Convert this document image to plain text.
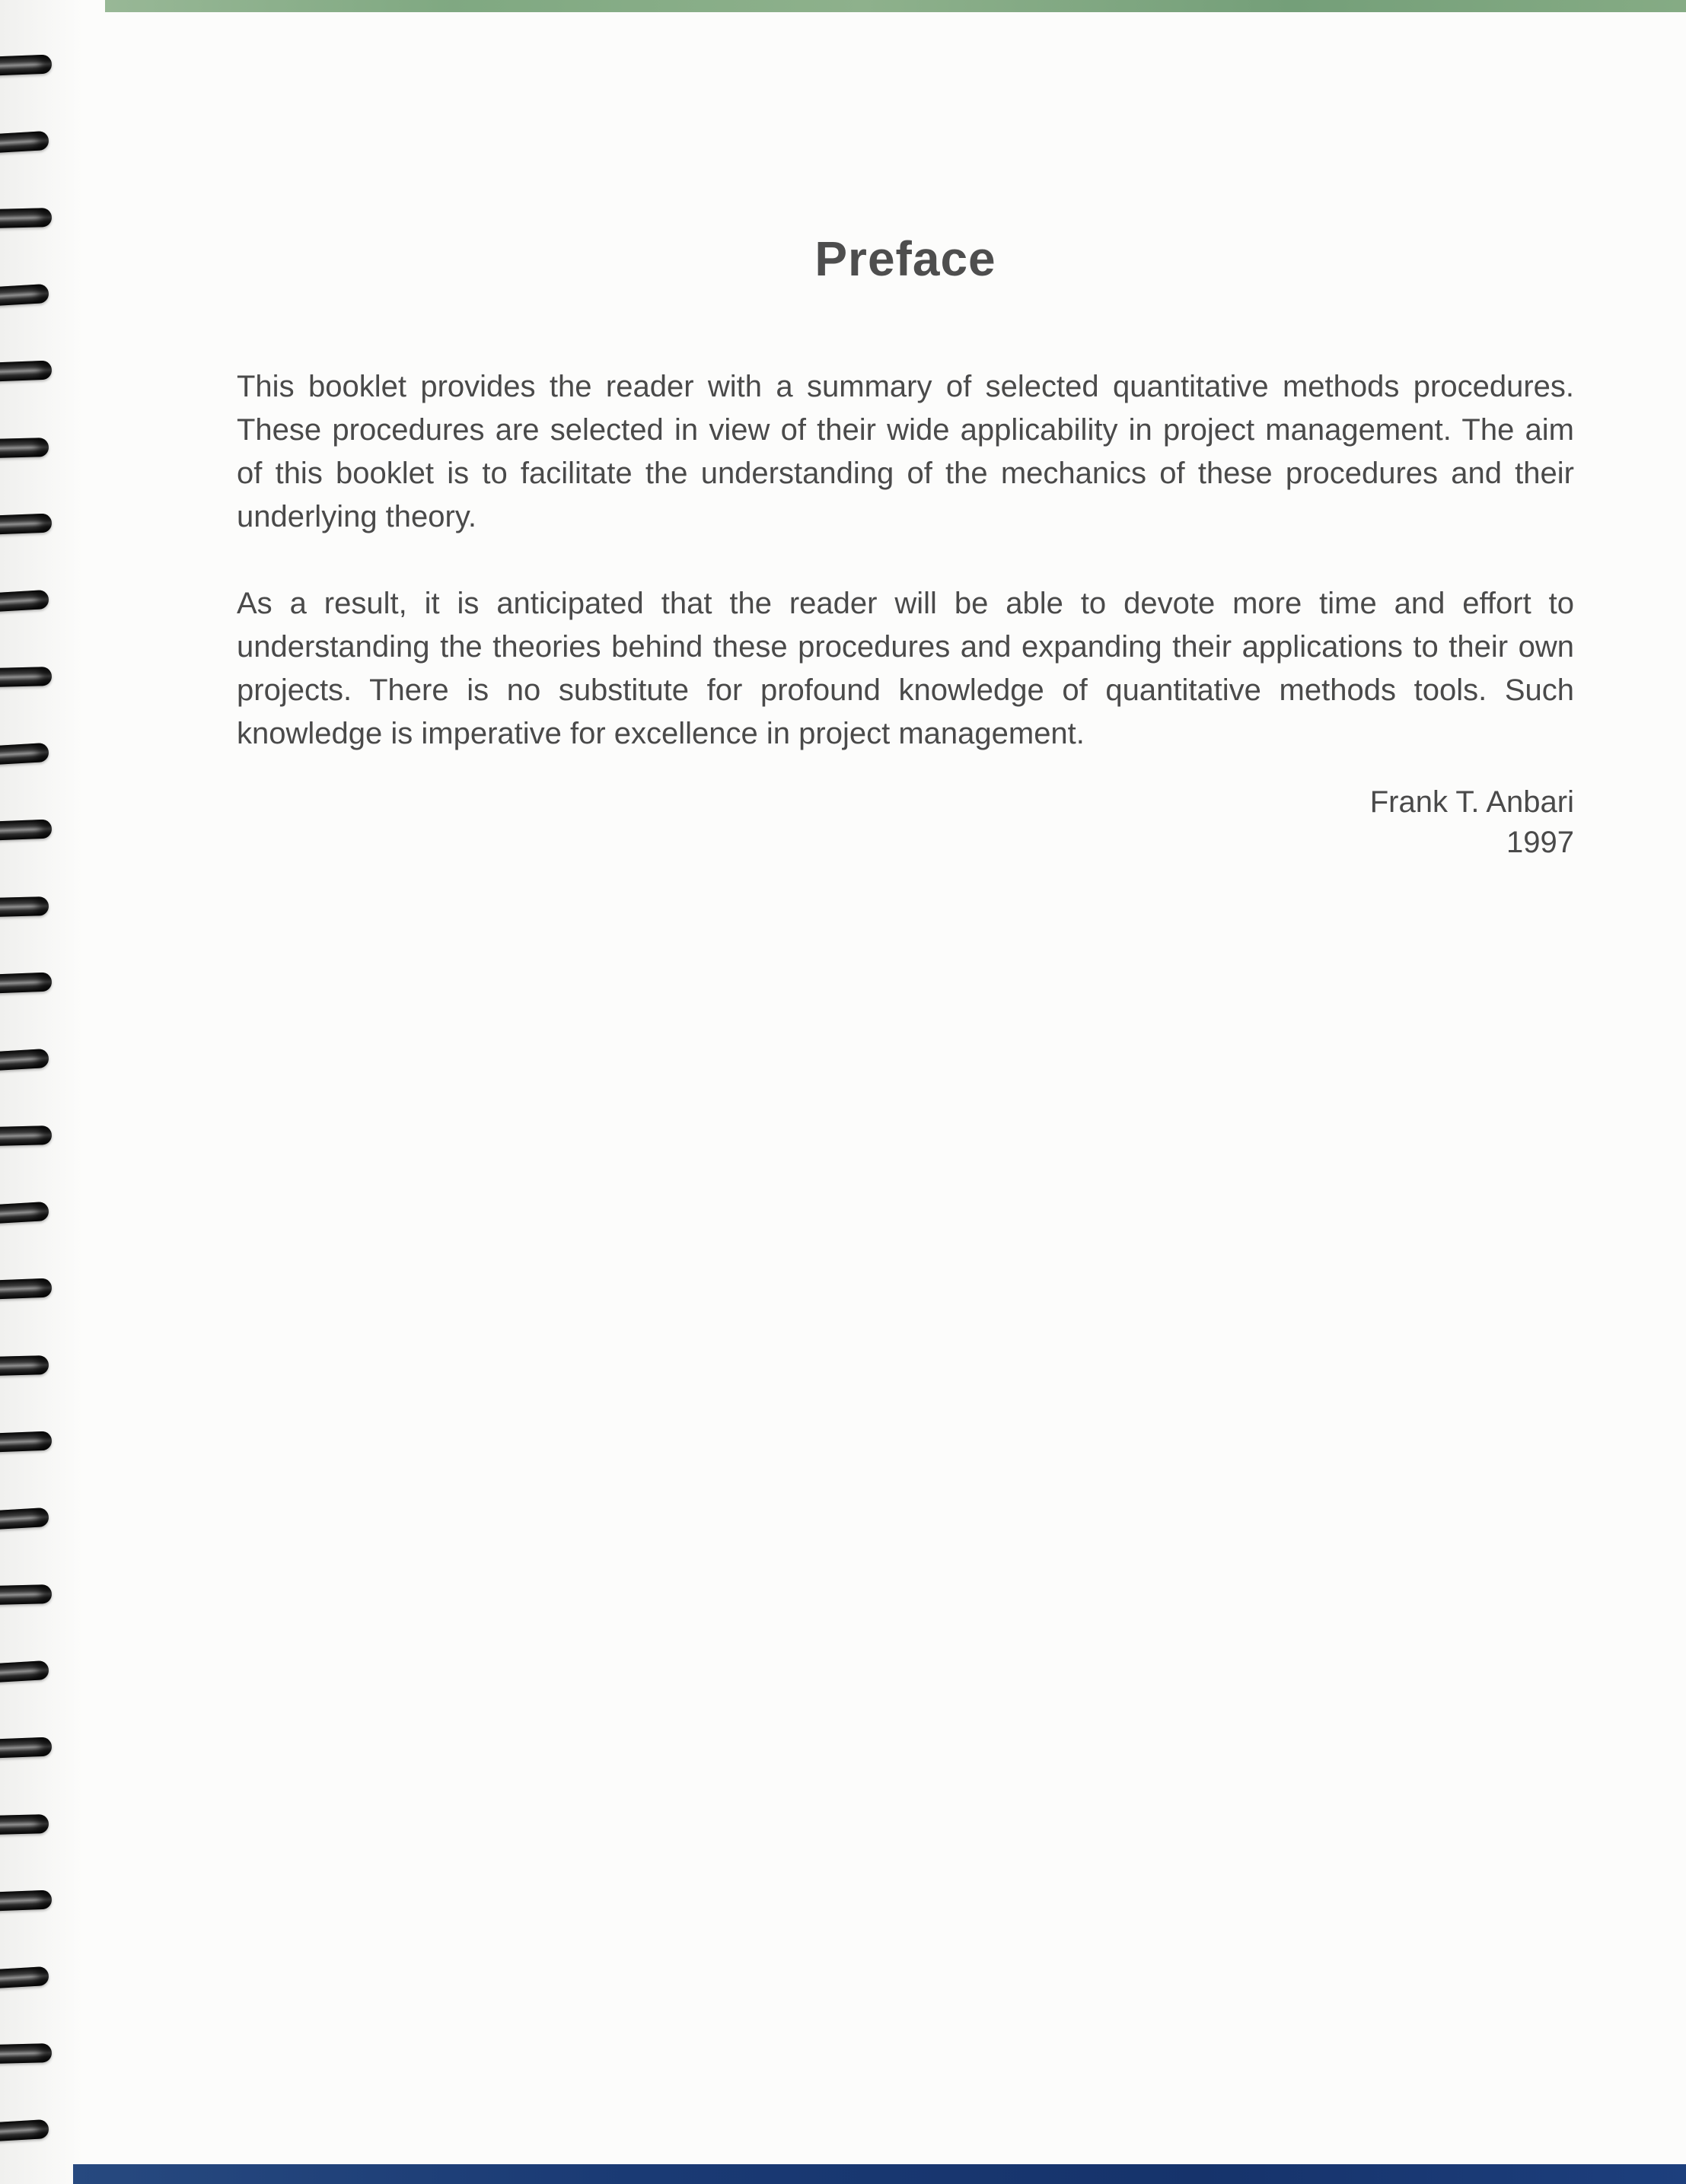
Preface

This booklet provides the reader with a summary of selected quantitative methods procedures. These procedures are selected in view of their wide applicability in project management. The aim of this booklet is to facilitate the understanding of the mechanics of these procedures and their underlying theory.

As a result, it is anticipated that the reader will be able to devote more time and effort to understanding the theories behind these procedures and expanding their applications to their own projects. There is no substitute for profound knowledge of quantitative methods tools. Such knowledge is imperative for excellence in project management.

Frank T. Anbari
1997
